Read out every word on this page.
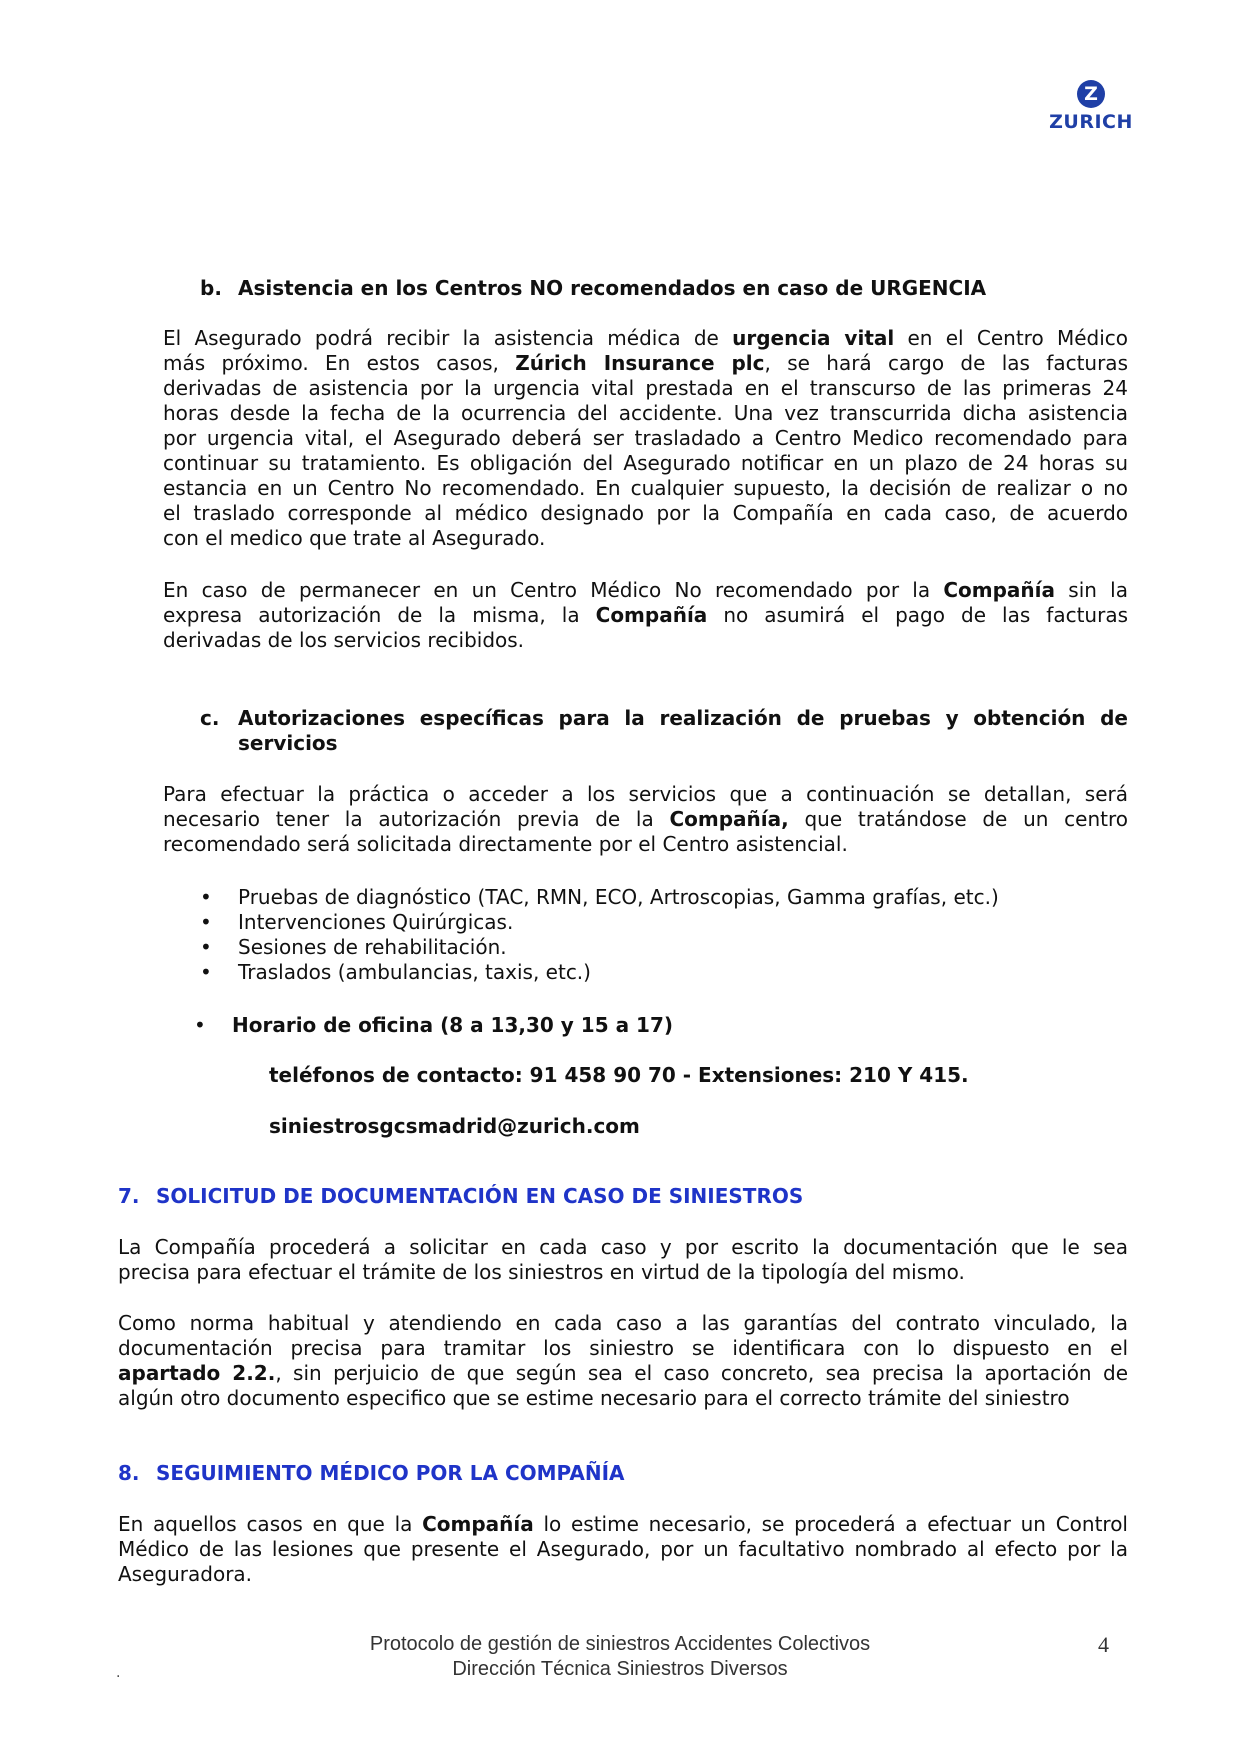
Z
ZURICH
b. Asistencia en los Centros NO recomendados en caso de URGENCIA
El Asegurado podrá recibir la asistencia médica de urgencia vital en el Centro Médico
más próximo. En estos casos, Zúrich Insurance plc, se hará cargo de las facturas
derivadas de asistencia por la urgencia vital prestada en el transcurso de las primeras 24
horas desde la fecha de la ocurrencia del accidente. Una vez transcurrida dicha asistencia
por urgencia vital, el Asegurado deberá ser trasladado a Centro Medico recomendado para
continuar su tratamiento. Es obligación del Asegurado notificar en un plazo de 24 horas su
estancia en un Centro No recomendado. En cualquier supuesto, la decisión de realizar o no
el traslado corresponde al médico designado por la Compañía en cada caso, de acuerdo
con el medico que trate al Asegurado.
En caso de permanecer en un Centro Médico No recomendado por la Compañía sin la
expresa autorización de la misma, la Compañía no asumirá el pago de las facturas
derivadas de los servicios recibidos.
c. Autorizaciones específicas para la realización de pruebas y obtención de
servicios
Para efectuar la práctica o acceder a los servicios que a continuación se detallan, será
necesario tener la autorización previa de la Compañía, que tratándose de un centro
recomendado será solicitada directamente por el Centro asistencial.
• Pruebas de diagnóstico (TAC, RMN, ECO, Artroscopias, Gamma grafías, etc.)
• Intervenciones Quirúrgicas.
• Sesiones de rehabilitación.
• Traslados (ambulancias, taxis, etc.)
• Horario de oficina (8 a 13,30 y 15 a 17)
teléfonos de contacto: 91 458 90 70 - Extensiones: 210 Y 415.
siniestrosgcsmadrid@zurich.com
7. SOLICITUD DE DOCUMENTACIÓN EN CASO DE SINIESTROS
La Compañía procederá a solicitar en cada caso y por escrito la documentación que le sea
precisa para efectuar el trámite de los siniestros en virtud de la tipología del mismo.
Como norma habitual y atendiendo en cada caso a las garantías del contrato vinculado, la
documentación precisa para tramitar los siniestro se identificara con lo dispuesto en el
apartado 2.2., sin perjuicio de que según sea el caso concreto, sea precisa la aportación de
algún otro documento especifico que se estime necesario para el correcto trámite del siniestro
8. SEGUIMIENTO MÉDICO POR LA COMPAÑÍA
En aquellos casos en que la Compañía lo estime necesario, se procederá a efectuar un Control
Médico de las lesiones que presente el Asegurado, por un facultativo nombrado al efecto por la
Aseguradora.
Protocolo de gestión de siniestros Accidentes Colectivos
Dirección Técnica Siniestros Diversos
4
.
